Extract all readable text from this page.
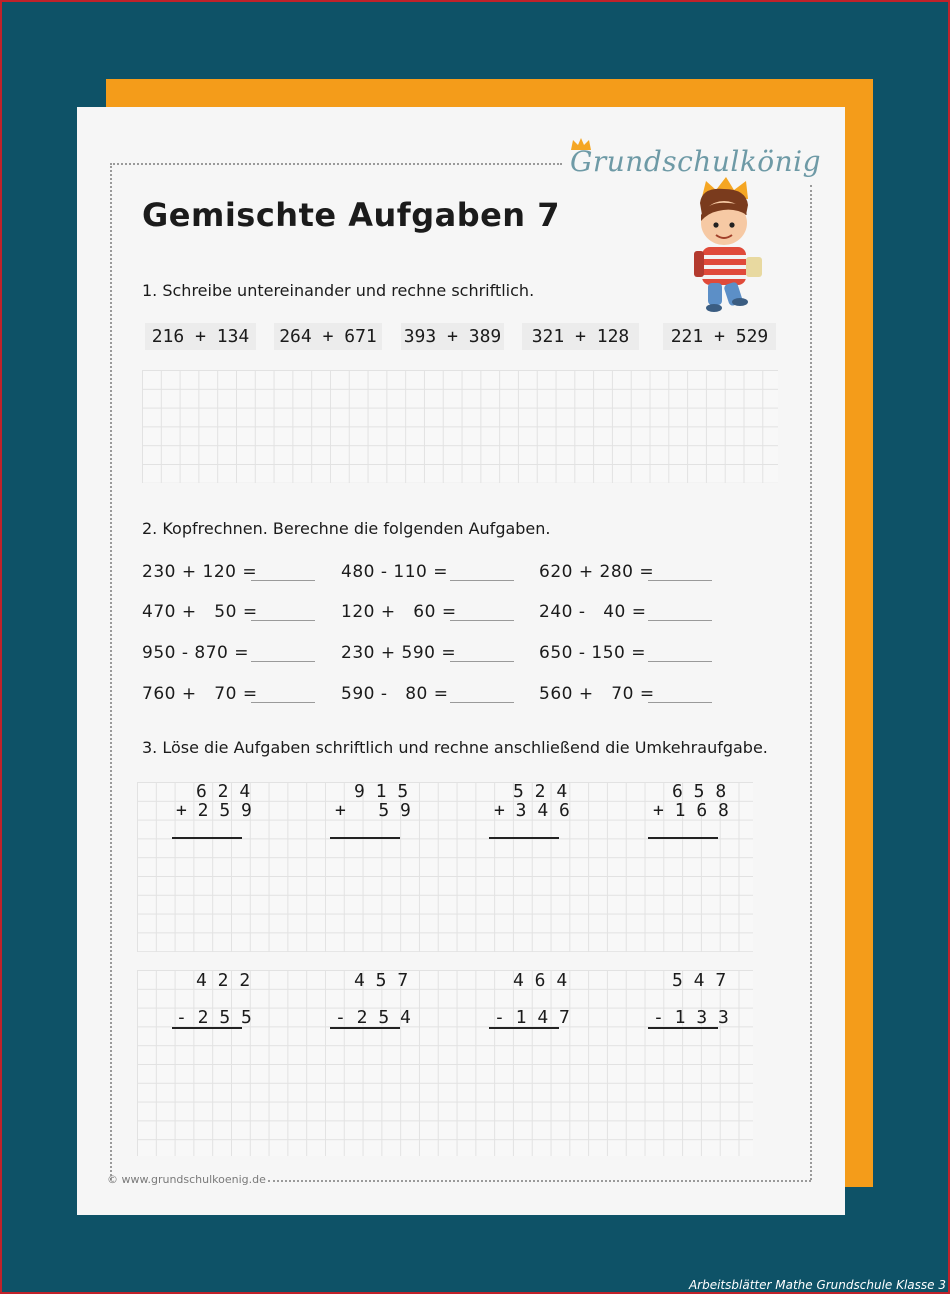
Grundschulkönig
Gemischte Aufgaben 7
1. Schreibe untereinander und rechne schriftlich.
216 + 134	264 + 671 393 + 389	321 + 128	221 + 529
2. Kopfrechnen. Berechne die folgenden Aufgaben.
230 + 120 =	480 - 110 =	620 + 280 =
470 +   50 =	120 +   60 =	240 -   40 =
950 - 870 =	230 + 590 =	650 - 150 =
760 +   70 =	590 -   80 =	560 +   70 =
3. Löse die Aufgaben schriftlich und rechne anschließend die Umkehraufgabe.
6 2 4
+ 2 5 9
9 1 5
+   5 9
5 2 4
+ 3 4 6
6 5 8
+ 1 6 8
4 2 2
- 2 5 5
4 5 7
- 2 5 4
4 6 4
- 1 4 7
5 4 7
- 1 3 3
© www.grundschulkoenig.de
Arbeitsblätter Mathe Grundschule Klasse 3
